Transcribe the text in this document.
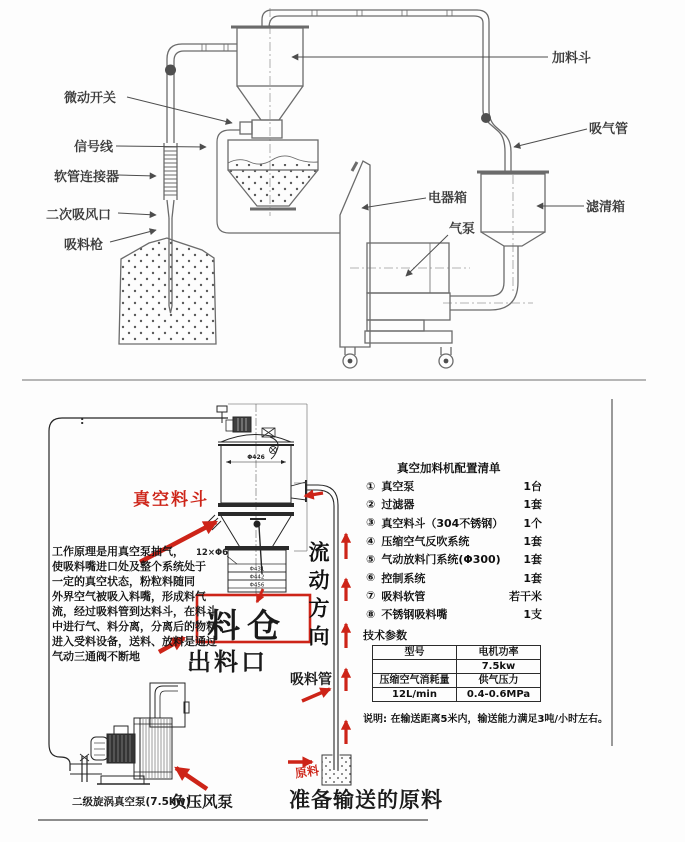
微动开关
信号线
软管连接器
二次吸风口
吸料枪
加料斗
吸气管
电器箱
气泵
滤清箱
:
Φ426
Φ431
Φ442
Φ456
工作原理是用真空泵抽气，
使吸料嘴进口处及整个系统处于
一定的真空状态，粉粒料随同
外界空气被吸入料嘴，形成料气
流，经过吸料管到达料斗，在料斗
中进行气、料分离，分离后的物料
进入受料设备，送料、放料是通过
气动三通阀不断地
真空料斗
料仓
出料口
流动方向
吸料管
原料
准备输送的原料
二级旋涡真空泵(7.5kw)
负压风泵
12×Φ6
真空加料机配置清单
① 真空泵	1台
② 过滤器	1套
③ 真空料斗（304不锈钢）	1个
④ 压缩空气反吹系统	1套
⑤ 气动放料门系统(Φ300)	1套
⑥ 控制系统	1套
⑦ 吸料软管	若干米
⑧ 不锈钢吸料嘴	1支
技术参数
型号	电机功率
	7.5kw
压缩空气消耗量	供气压力
12L/min	0.4-0.6MPa
说明: 在输送距离5米内，输送能力满足3吨/小时左右。
